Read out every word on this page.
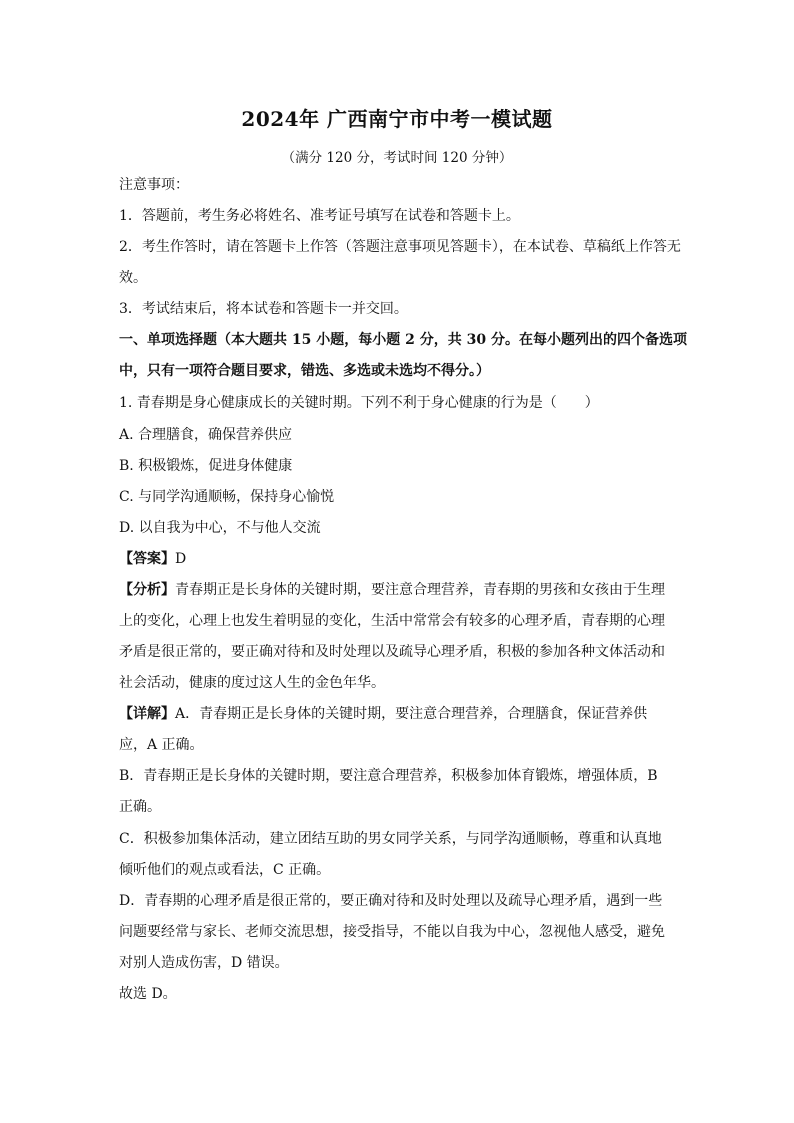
2024年 广西南宁市中考一模试题
（满分 120 分，考试时间 120 分钟）
注意事项：
1．答题前，考生务必将姓名、准考证号填写在试卷和答题卡上。
2．考生作答时，请在答题卡上作答（答题注意事项见答题卡），在本试卷、草稿纸上作答无
效。
3．考试结束后，将本试卷和答题卡一并交回。
一、单项选择题（本大题共 15 小题，每小题 2 分，共 30 分。在每小题列出的四个备选项
中，只有一项符合题目要求，错选、多选或未选均不得分。）
1. 青春期是身心健康成长的关键时期。下列不利于身心健康的行为是（　　）
A. 合理膳食，确保营养供应
B. 积极锻炼，促进身体健康
C. 与同学沟通顺畅，保持身心愉悦
D. 以自我为中心，不与他人交流
【答案】D
【分析】青春期正是长身体的关键时期，要注意合理营养，青春期的男孩和女孩由于生理
上的变化，心理上也发生着明显的变化，生活中常常会有较多的心理矛盾，青春期的心理
矛盾是很正常的，要正确对待和及时处理以及疏导心理矛盾，积极的参加各种文体活动和
社会活动，健康的度过这人生的金色年华。
【详解】A．青春期正是长身体的关键时期，要注意合理营养，合理膳食，保证营养供
应，A 正确。
B．青春期正是长身体的关键时期，要注意合理营养，积极参加体育锻炼，增强体质，B
正确。
C．积极参加集体活动，建立团结互助的男女同学关系，与同学沟通顺畅，尊重和认真地
倾听他们的观点或看法，C 正确。
D．青春期的心理矛盾是很正常的，要正确对待和及时处理以及疏导心理矛盾，遇到一些
问题要经常与家长、老师交流思想，接受指导，不能以自我为中心，忽视他人感受，避免
对别人造成伤害，D 错误。
故选 D。
